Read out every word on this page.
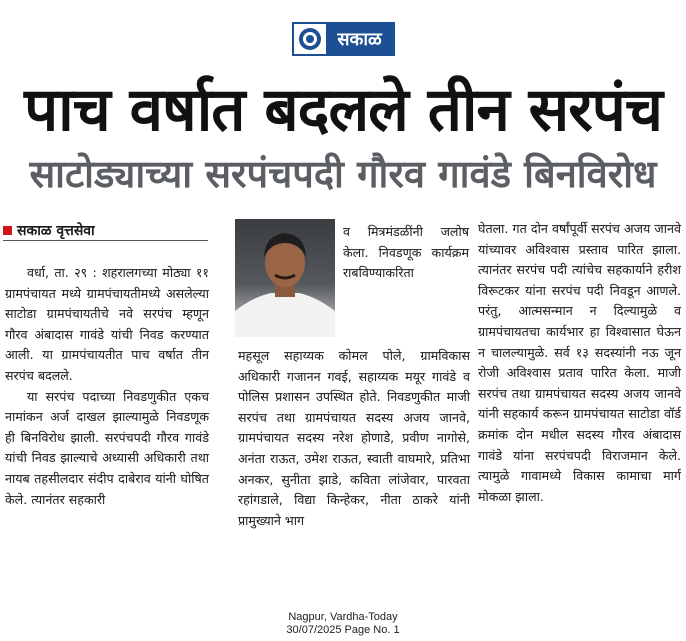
सकाळ
पाच वर्षात बदलले तीन सरपंच
साटोड्याच्या सरपंचपदी गौरव गावंडे बिनविरोध
सकाळ वृत्तसेवा

वर्धा, ता. २९ : शहरालगच्या मोठ्या ११ ग्रामपंचायत मध्ये ग्रामपंचायतीमध्ये असलेल्या साटोडा ग्रामपंचायतीचे नवे सरपंच म्हणून गौरव अंबादास गावंडे यांची निवड करण्यात आली. या ग्रामपंचायतीत पाच वर्षात तीन सरपंच बदलले.

या सरपंच पदाच्या निवडणुकीत एकच नामांकन अर्ज दाखल झाल्यामुळे निवडणूक ही बिनविरोध झाली. सरपंचपदी गौरव गावंडे यांची निवड झाल्याचे अध्यासी अधिकारी तथा नायब तहसीलदार संदीप दाबेराव यांनी घोषित केले. त्यानंतर सहकारी

व मित्रमंडळींनी जलोष केला. निवडणूक कार्यक्रम राबविण्याकरिता

महसूल सहाय्यक कोमल पोले, ग्रामविकास अधिकारी गजानन गवई, सहाय्यक मयूर गावंडे व पोलिस प्रशासन उपस्थित होते. निवडणुकीत माजी सरपंच तथा ग्रामपंचायत सदस्य अजय जानवे, ग्रामपंचायत सदस्य नरेश होणाडे, प्रवीण नागोसे, अनंता राऊत, उमेश राऊत, स्वाती वाघमारे, प्रतिभा अनकर, सुनीता झाडे, कविता लांजेवार, पारवता रहांगडाले, विद्या किन्हेकर, नीता ठाकरे यांनी प्रामुख्याने भाग

घेतला. गत दोन वर्षांपूर्वी सरपंच अजय जानवे यांच्यावर अविश्वास प्रस्ताव पारित झाला. त्यानंतर सरपंच पदी त्यांचेच सहकार्याने हरीश विरूटकर यांना सरपंच पदी निवडून आणले. परंतु, आत्मसन्मान न दिल्यामुळे व ग्रामपंचायतचा कार्यभार हा विश्वासात घेऊन न चालल्यामुळे. सर्व १३ सदस्यांनी नऊ जून रोजी अविश्वास प्रताव पारित केला. माजी सरपंच तथा ग्रामपंचायत सदस्य अजय जानवे यांनी सहकार्य करून ग्रामपंचायत साटोडा वॉर्ड क्रमांक दोन मधील सदस्य गौरव अंबादास गावंडे यांना सरपंचपदी विराजमान केले. त्यामुळे गावामध्ये विकास कामाचा मार्ग मोकळा झाला.

Nagpur, Vardha-Today
30/07/2025 Page No. 1
